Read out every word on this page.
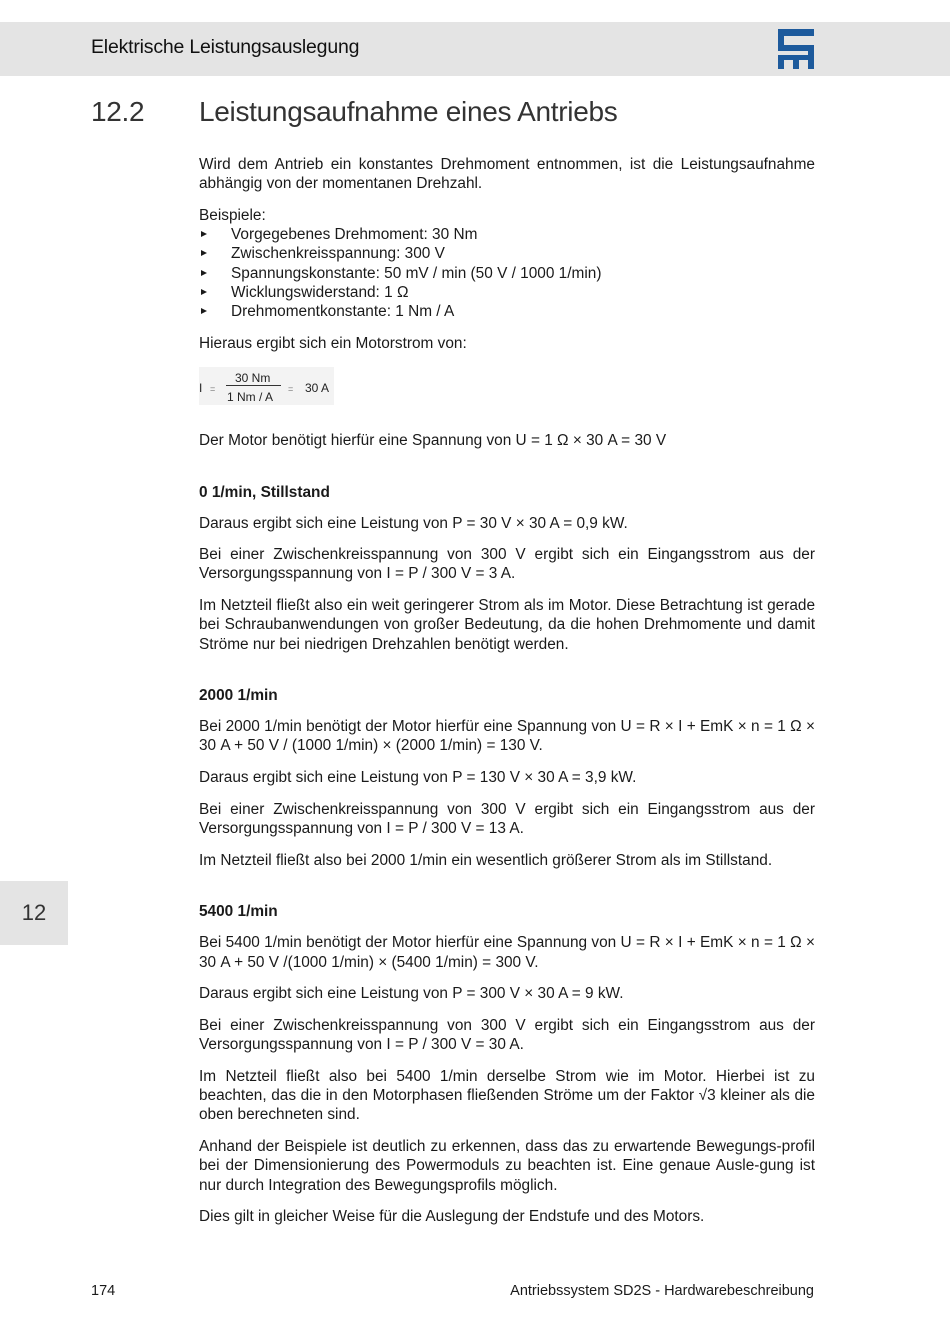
Elektrische Leistungsauslegung
12.2 Leistungsaufnahme eines Antriebs

Wird dem Antrieb ein konstantes Drehmoment entnommen, ist die Leistungsaufnahme abhängig von der momentanen Drehzahl.

Beispiele:

Vorgegebenes Drehmoment: 30 Nm
Zwischenkreisspannung: 300 V
Spannungskonstante: 50 mV / min (50 V / 1000 1/min)
Wicklungswiderstand: 1 Ω
Drehmomentkonstante: 1 Nm / A

Hieraus ergibt sich ein Motorstrom von:

I =
30 Nm
1 Nm / A
= 30 A

Der Motor benötigt hierfür eine Spannung von U = 1 Ω × 30 A = 30 V

0 1/min, Stillstand

Daraus ergibt sich eine Leistung von P = 30 V × 30 A = 0,9 kW.

Bei einer Zwischenkreisspannung von 300 V ergibt sich ein Eingangsstrom aus der Versorgungsspannung von I = P / 300 V = 3 A.

Im Netzteil fließt also ein weit geringerer Strom als im Motor. Diese Betrachtung ist gerade bei Schraubanwendungen von großer Bedeutung, da die hohen Drehmomente und damit Ströme nur bei niedrigen Drehzahlen benötigt werden.

2000 1/min

Bei 2000 1/min benötigt der Motor hierfür eine Spannung von U = R × I + EmK × n = 1 Ω × 30 A + 50 V / (1000 1/min) × (2000 1/min) = 130 V.

Daraus ergibt sich eine Leistung von P = 130 V × 30 A = 3,9 kW.

Bei einer Zwischenkreisspannung von 300 V ergibt sich ein Eingangsstrom aus der Versorgungsspannung von I = P / 300 V = 13 A.

Im Netzteil fließt also bei 2000 1/min ein wesentlich größerer Strom als im Stillstand.

5400 1/min

Bei 5400 1/min benötigt der Motor hierfür eine Spannung von U = R × I + EmK × n = 1 Ω × 30 A + 50 V /(1000 1/min) × (5400 1/min) = 300 V.

Daraus ergibt sich eine Leistung von P = 300 V × 30 A = 9 kW.

Bei einer Zwischenkreisspannung von 300 V ergibt sich ein Eingangsstrom aus der Versorgungsspannung von I = P / 300 V = 30 A.

Im Netzteil fließt also bei 5400 1/min derselbe Strom wie im Motor. Hierbei ist zu beachten, das die in den Motorphasen fließenden Ströme um der Faktor √3 kleiner als die oben berechneten sind.

Anhand der Beispiele ist deutlich zu erkennen, dass das zu erwartende Bewegungs-profil bei der Dimensionierung des Powermoduls zu beachten ist. Eine genaue Ausle-gung ist nur durch Integration des Bewegungsprofils möglich.

Dies gilt in gleicher Weise für die Auslegung der Endstufe und des Motors.

12
174	Antriebssystem SD2S - Hardwarebeschreibung
